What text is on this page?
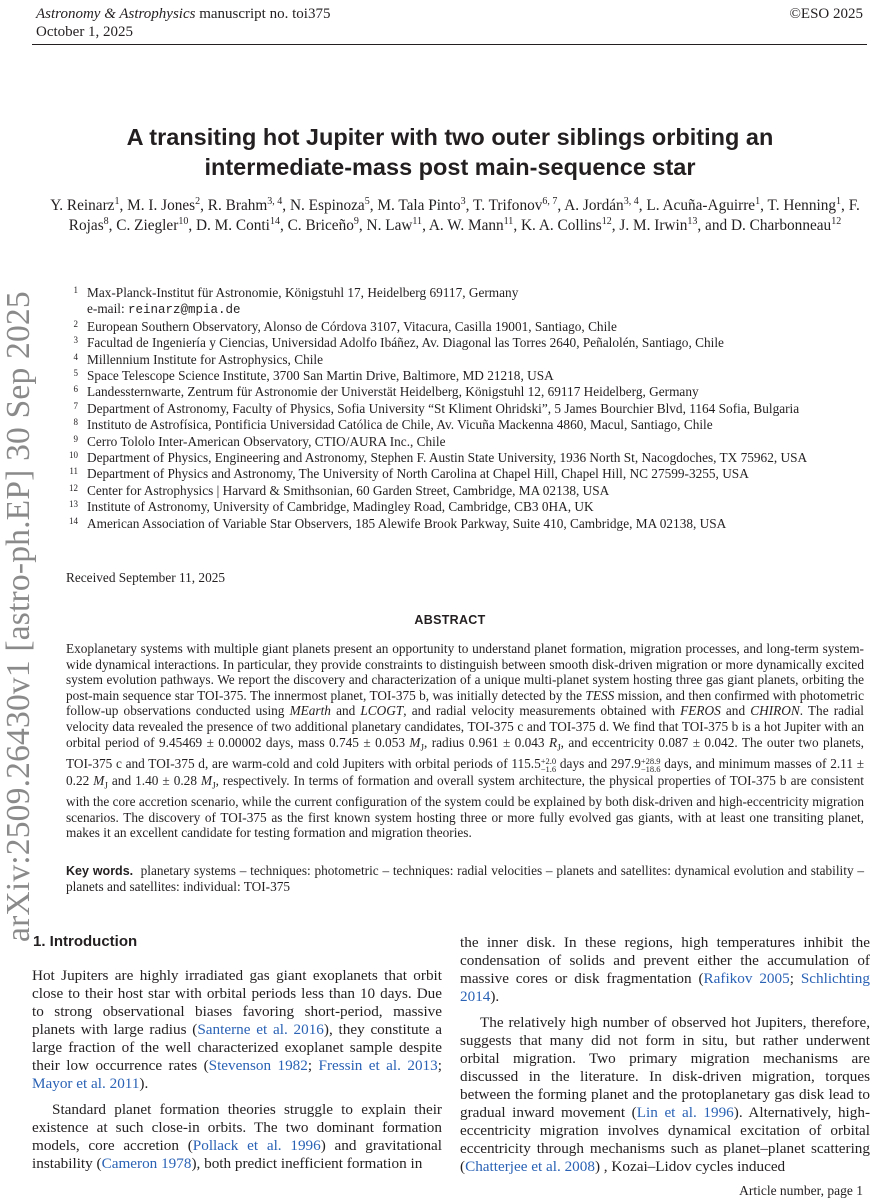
Astronomy & Astrophysics manuscript no. toi375
October 1, 2025
©ESO 2025
arXiv:2509.26430v1 [astro-ph.EP] 30 Sep 2025
A transiting hot Jupiter with two outer siblings orbiting an
intermediate-mass post main-sequence star
Y. Reinarz$^1$, M. I. Jones$^2$, R. Brahm$^{3, 4}$, N. Espinoza$^5$, M. Tala Pinto$^3$, T. Trifonov$^{6, 7}$, A. Jordán$^{3, 4}$, L. Acuña-Aguirre$^1$, T. Henning$^1$, F. Rojas$^8$, C. Ziegler$^{10}$, D. M. Conti$^{14}$, C. Briceño$^9$, N. Law$^{11}$, A. W. Mann$^{11}$, K. A. Collins$^{12}$, J. M. Irwin$^{13}$, and D. Charbonneau$^{12}$
1 Max-Planck-Institut für Astronomie, Königstuhl 17, Heidelberg 69117, Germany
e-mail: reinarz@mpia.de
2 European Southern Observatory, Alonso de Córdova 3107, Vitacura, Casilla 19001, Santiago, Chile
3 Facultad de Ingeniería y Ciencias, Universidad Adolfo Ibáñez, Av. Diagonal las Torres 2640, Peñalolén, Santiago, Chile
4 Millennium Institute for Astrophysics, Chile
5 Space Telescope Science Institute, 3700 San Martin Drive, Baltimore, MD 21218, USA
6 Landessternwarte, Zentrum für Astronomie der Universtät Heidelberg, Königstuhl 12, 69117 Heidelberg, Germany
7 Department of Astronomy, Faculty of Physics, Sofia University “St Kliment Ohridski”, 5 James Bourchier Blvd, 1164 Sofia, Bulgaria
8 Instituto de Astrofísica, Pontificia Universidad Católica de Chile, Av. Vicuña Mackenna 4860, Macul, Santiago, Chile
9 Cerro Tololo Inter-American Observatory, CTIO/AURA Inc., Chile
10 Department of Physics, Engineering and Astronomy, Stephen F. Austin State University, 1936 North St, Nacogdoches, TX 75962, USA
11 Department of Physics and Astronomy, The University of North Carolina at Chapel Hill, Chapel Hill, NC 27599-3255, USA
12 Center for Astrophysics | Harvard & Smithsonian, 60 Garden Street, Cambridge, MA 02138, USA
13 Institute of Astronomy, University of Cambridge, Madingley Road, Cambridge, CB3 0HA, UK
14 American Association of Variable Star Observers, 185 Alewife Brook Parkway, Suite 410, Cambridge, MA 02138, USA
Received September 11, 2025
ABSTRACT
Exoplanetary systems with multiple giant planets present an opportunity to understand planet formation, migration processes, and long-term system-wide dynamical interactions. In particular, they provide constraints to distinguish between smooth disk-driven migration or more dynamically excited system evolution pathways. We report the discovery and characterization of a unique multi-planet system hosting three gas giant planets, orbiting the post-main sequence star TOI-375. The innermost planet, TOI-375 b, was initially detected by the TESS mission, and then confirmed with photometric follow-up observations conducted using MEarth and LCOGT, and radial velocity measurements obtained with FEROS and CHIRON. The radial velocity data revealed the presence of two additional planetary candidates, TOI-375 c and TOI-375 d. We find that TOI-375 b is a hot Jupiter with an orbital period of 9.45469 ± 0.00002 days, mass 0.745 ± 0.053 $M_J$, radius 0.961 ± 0.043 $R_J$, and eccentricity 0.087 ± 0.042. The outer two planets, TOI-375 c and TOI-375 d, are warm-cold and cold Jupiters with orbital periods of 115.5 +2.0
−1.6 days and 297.9 +28.9
−18.6 days, and minimum masses of 2.11 ± 0.22 $M_J$ and 1.40 ± 0.28 $M_J$, respectively. In terms of formation and overall system architecture, the physical properties of TOI-375 b are consistent with the core accretion scenario, while the current configuration of the system could be explained by both disk-driven and high-eccentricity migration scenarios. The discovery of TOI-375 as the first known system hosting three or more fully evolved gas giants, with at least one transiting planet, makes it an excellent candidate for testing formation and migration theories.
Key words. planetary systems – techniques: photometric – techniques: radial velocities – planets and satellites: dynamical evolution and stability – planets and satellites: individual: TOI-375
1. Introduction

Hot Jupiters are highly irradiated gas giant exoplanets that orbit close to their host star with orbital periods less than 10 days. Due to strong observational biases favoring short-period, massive planets with large radius (Santerne et al. 2016), they constitute a large fraction of the well characterized exoplanet sample despite their low occurrence rates (Stevenson 1982; Fressin et al. 2013; Mayor et al. 2011).

Standard planet formation theories struggle to explain their existence at such close-in orbits. The two dominant formation models, core accretion (Pollack et al. 1996) and gravitational instability (Cameron 1978), both predict inefficient formation in

the inner disk. In these regions, high temperatures inhibit the condensation of solids and prevent either the accumulation of massive cores or disk fragmentation (Rafikov 2005; Schlichting 2014).

The relatively high number of observed hot Jupiters, therefore, suggests that many did not form in situ, but rather underwent orbital migration. Two primary migration mechanisms are discussed in the literature. In disk-driven migration, torques between the forming planet and the protoplanetary gas disk lead to gradual inward movement (Lin et al. 1996). Alternatively, high-eccentricity migration involves dynamical excitation of orbital eccentricity through mechanisms such as planet–planet scattering (Chatterjee et al. 2008) , Kozai–Lidov cycles induced

Article number, page 1
